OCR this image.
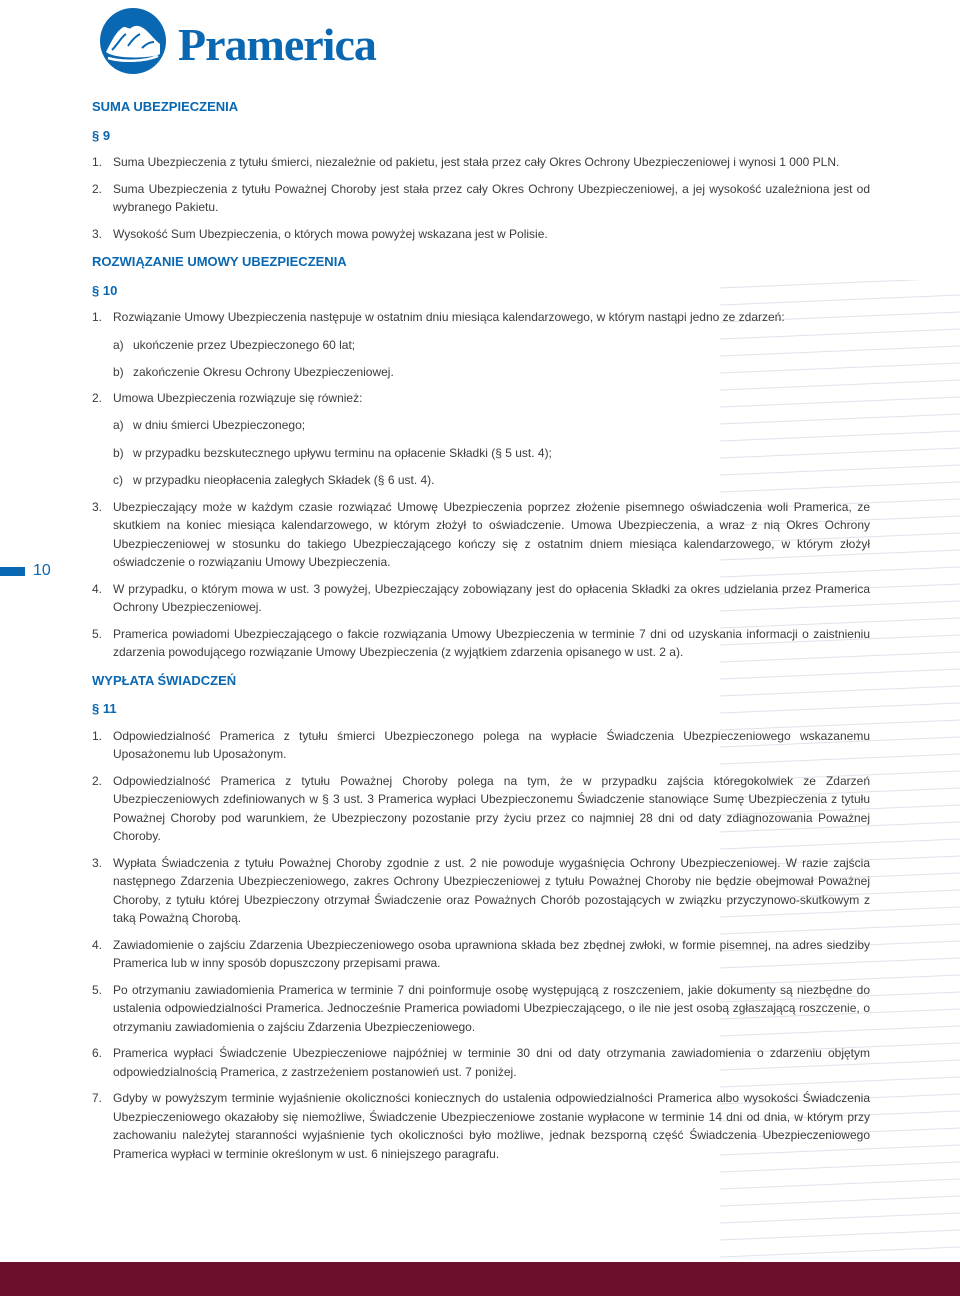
Pramerica
10

SUMA UBEZPIECZENIA

§ 9

1. Suma Ubezpieczenia z tytułu śmierci, niezależnie od pakietu, jest stała przez cały Okres Ochrony Ubezpieczeniowej i wynosi 1 000 PLN.
2. Suma Ubezpieczenia z tytułu Poważnej Choroby jest stała przez cały Okres Ochrony Ubezpieczeniowej, a jej wysokość uzależniona jest od wybranego Pakietu.
3. Wysokość Sum Ubezpieczenia, o których mowa powyżej wskazana jest w Polisie.

ROZWIĄZANIE UMOWY UBEZPIECZENIA

§ 10

1. Rozwiązanie Umowy Ubezpieczenia następuje w ostatnim dniu miesiąca kalendarzowego, w którym nastąpi jedno ze zdarzeń:
a) ukończenie przez Ubezpieczonego 60 lat;
b) zakończenie Okresu Ochrony Ubezpieczeniowej.
2. Umowa Ubezpieczenia rozwiązuje się również:
a) w dniu śmierci Ubezpieczonego;
b) w przypadku bezskutecznego upływu terminu na opłacenie Składki (§ 5 ust. 4);
c) w przypadku nieopłacenia zaległych Składek (§ 6 ust. 4).
3. Ubezpieczający może w każdym czasie rozwiązać Umowę Ubezpieczenia poprzez złożenie pisemnego oświadczenia woli Pramerica, ze skutkiem na koniec miesiąca kalendarzowego, w którym złożył to oświadczenie. Umowa Ubezpieczenia, a wraz z nią Okres Ochrony Ubezpieczeniowej w stosunku do takiego Ubezpieczającego kończy się z ostatnim dniem miesiąca kalendarzowego, w którym złożył oświadczenie o rozwiązaniu Umowy Ubezpieczenia.
4. W przypadku, o którym mowa w ust. 3 powyżej, Ubezpieczający zobowiązany jest do opłacenia Składki za okres udzielania przez Pramerica Ochrony Ubezpieczeniowej.
5. Pramerica powiadomi Ubezpieczającego o fakcie rozwiązania Umowy Ubezpieczenia w terminie 7 dni od uzyskania informacji o zaistnieniu zdarzenia powodującego rozwiązanie Umowy Ubezpieczenia (z wyjątkiem zdarzenia opisanego w ust. 2 a).

WYPŁATA ŚWIADCZEŃ

§ 11

1. Odpowiedzialność Pramerica z tytułu śmierci Ubezpieczonego polega na wypłacie Świadczenia Ubezpieczeniowego wskazanemu Uposażonemu lub Uposażonym.
2. Odpowiedzialność Pramerica z tytułu Poważnej Choroby polega na tym, że w przypadku zajścia któregokolwiek ze Zdarzeń Ubezpieczeniowych zdefiniowanych w § 3 ust. 3 Pramerica wypłaci Ubezpieczonemu Świadczenie stanowiące Sumę Ubezpieczenia z tytułu Poważnej Choroby pod warunkiem, że Ubezpieczony pozostanie przy życiu przez co najmniej 28 dni od daty zdiagnozowania Poważnej Choroby.
3. Wypłata Świadczenia z tytułu Poważnej Choroby zgodnie z ust. 2 nie powoduje wygaśnięcia Ochrony Ubezpieczeniowej. W razie zajścia następnego Zdarzenia Ubezpieczeniowego, zakres Ochrony Ubezpieczeniowej z tytułu Poważnej Choroby nie będzie obejmował Poważnej Choroby, z tytułu której Ubezpieczony otrzymał Świadczenie oraz Poważnych Chorób pozostających w związku przyczynowo-skutkowym z taką Poważną Chorobą.
4. Zawiadomienie o zajściu Zdarzenia Ubezpieczeniowego osoba uprawniona składa bez zbędnej zwłoki, w formie pisemnej, na adres siedziby Pramerica lub w inny sposób dopuszczony przepisami prawa.
5. Po otrzymaniu zawiadomienia Pramerica w terminie 7 dni poinformuje osobę występującą z roszczeniem, jakie dokumenty są niezbędne do ustalenia odpowiedzialności Pramerica. Jednocześnie Pramerica powiadomi Ubezpieczającego, o ile nie jest osobą zgłaszającą roszczenie, o otrzymaniu zawiadomienia o zajściu Zdarzenia Ubezpieczeniowego.
6. Pramerica wypłaci Świadczenie Ubezpieczeniowe najpóźniej w terminie 30 dni od daty otrzymania zawiadomienia o zdarzeniu objętym odpowiedzialnością Pramerica, z zastrzeżeniem postanowień ust. 7 poniżej.
7. Gdyby w powyższym terminie wyjaśnienie okoliczności koniecznych do ustalenia odpowiedzialności Pramerica albo wysokości Świadczenia Ubezpieczeniowego okazałoby się niemożliwe, Świadczenie Ubezpieczeniowe zostanie wypłacone w terminie 14 dni od dnia, w którym przy zachowaniu należytej staranności wyjaśnienie tych okoliczności było możliwe, jednak bezsporną część Świadczenia Ubezpieczeniowego Pramerica wypłaci w terminie określonym w ust. 6 niniejszego paragrafu.
